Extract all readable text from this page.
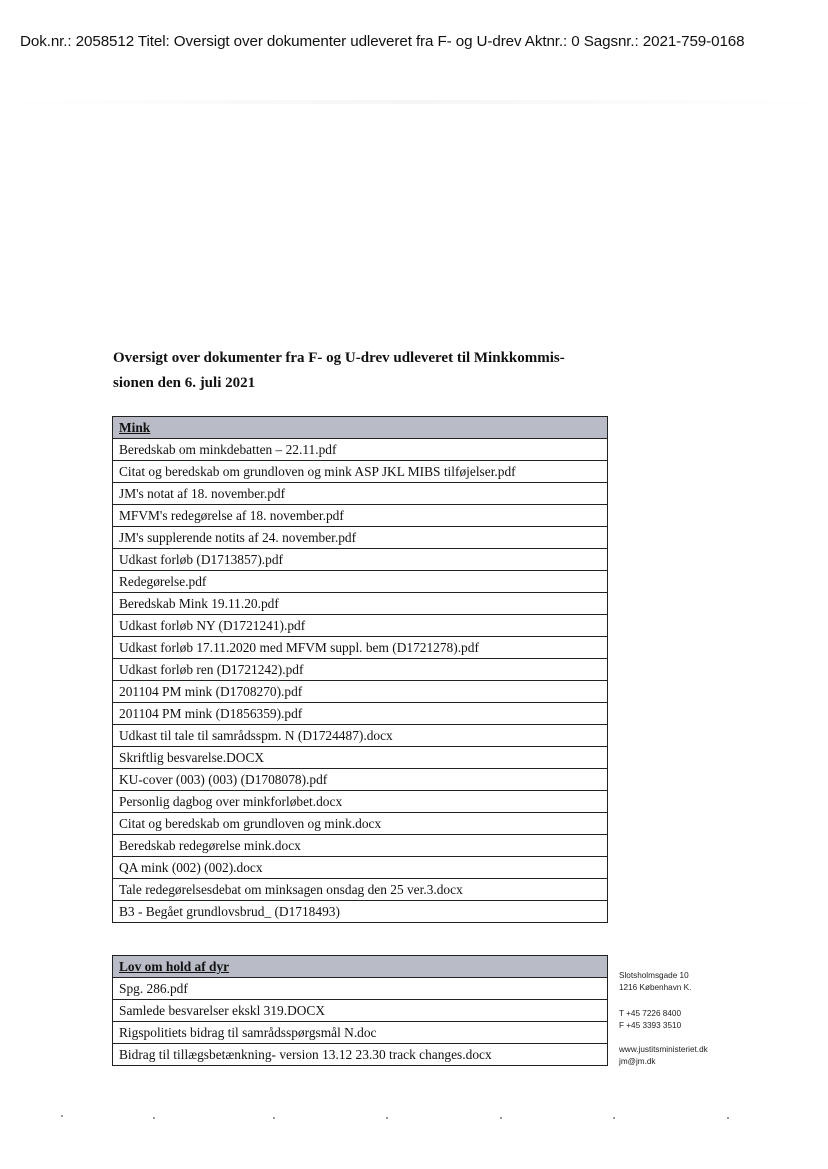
Dok.nr.: 2058512 Titel: Oversigt over dokumenter udleveret fra F- og U-drev Aktnr.: 0 Sagsnr.: 2021-759-0168
Oversigt over dokumenter fra F- og U-drev udleveret til Minkkommis-
sionen den 6. juli 2021
Mink
Beredskab om minkdebatten – 22.11.pdf
Citat og beredskab om grundloven og mink ASP JKL MIBS tilføjelser.pdf
JM's notat af 18. november.pdf
MFVM's redegørelse af 18. november.pdf
JM's supplerende notits af 24. november.pdf
Udkast forløb (D1713857).pdf
Redegørelse.pdf
Beredskab Mink 19.11.20.pdf
Udkast forløb NY (D1721241).pdf
Udkast forløb 17.11.2020 med MFVM suppl. bem (D1721278).pdf
Udkast forløb ren (D1721242).pdf
201104 PM mink (D1708270).pdf
201104 PM mink (D1856359).pdf
Udkast til tale til samrådsspm. N (D1724487).docx
Skriftlig besvarelse.DOCX
KU-cover (003) (003) (D1708078).pdf
Personlig dagbog over minkforløbet.docx
Citat og beredskab om grundloven og mink.docx
Beredskab redegørelse mink.docx
QA mink (002) (002).docx
Tale redegørelsesdebat om minksagen onsdag den 25 ver.3.docx
B3 - Begået grundlovsbrud_ (D1718493)
Lov om hold af dyr
Spg. 286.pdf
Samlede besvarelser ekskl 319.DOCX
Rigspolitiets bidrag til samrådsspørgsmål N.doc
Bidrag til tillægsbetænkning- version 13.12 23.30 track changes.docx
Slotsholmsgade 10
1216 København K.
T +45 7226 8400
F +45 3393 3510
www.justitsministeriet.dk
jm@jm.dk
